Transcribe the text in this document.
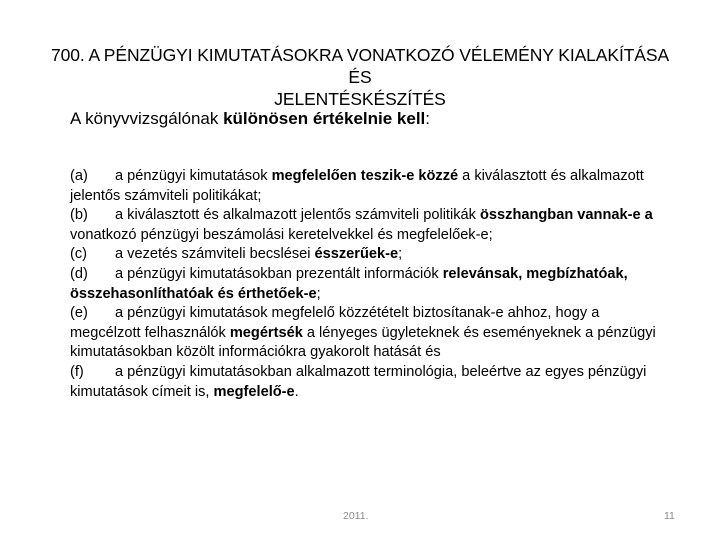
700. A PÉNZÜGYI KIMUTATÁSOKRA VONATKOZÓ VÉLEMÉNY KIALAKÍTÁSA ÉS
JELENTÉSKÉSZÍTÉS
A könyvvizsgálónak különösen értékelnie kell:

(a) a pénzügyi kimutatások megfelelően teszik-e közzé a kiválasztott és alkalmazott jelentős számviteli politikákat;

(b) a kiválasztott és alkalmazott jelentős számviteli politikák összhangban vannak-e a vonatkozó pénzügyi beszámolási keretelvekkel és megfelelőek-e;

(c) a vezetés számviteli becslései ésszerűek-e;

(d) a pénzügyi kimutatásokban prezentált információk relevánsak, megbízhatóak, összehasonlíthatóak és érthetőek-e;

(e) a pénzügyi kimutatások megfelelő közzétételt biztosítanak-e ahhoz, hogy a megcélzott felhasználók megértsék a lényeges ügyleteknek és eseményeknek a pénzügyi kimutatásokban közölt információkra gyakorolt hatását és

(f) a pénzügyi kimutatásokban alkalmazott terminológia, beleértve az egyes pénzügyi kimutatások címeit is, megfelelő-e.

2011.	11
